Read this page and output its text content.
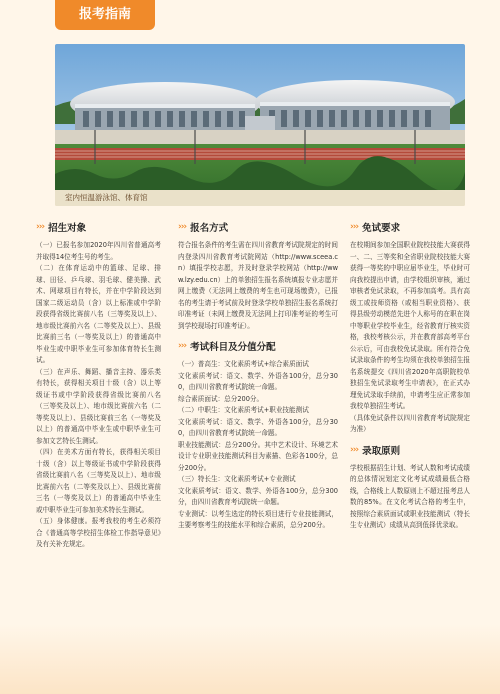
报考指南
室内恒温游泳馆、体育馆
››› 招生对象

（一）已报名参加2020年四川省普通高考并取得14位考生号的考生。

（二）在体育运动中的篮球、足球、排球、田径、乒乓球、羽毛球、健美操、武术、网球项目有特长，并在中学阶段达到国家二级运动员（含）以上标准或中学阶段获得省级比赛前八名（三等奖及以上）、地市级比赛前六名（二等奖及以上）、县级比赛前三名（一等奖及以上）的普通高中毕业生或中职毕业生可参加体育特长生测试。

（三）在声乐、舞蹈、播音主持、器乐类有特长，获得相关项目十级（含）以上等级证书或中学阶段获得省级比赛前八名（三等奖及以上）、地市级比赛前六名（二等奖及以上）、县级比赛前三名（一等奖及以上）的普通高中毕业生或中职毕业生可参加文艺特长生测试。

（四）在美术方面有特长，获得相关项目十级（含）以上等级证书或中学阶段获得省级比赛前八名（三等奖及以上）、地市级比赛前六名（二等奖及以上）、县级比赛前三名（一等奖及以上）的普通高中毕业生或中职毕业生可参加美术特长生测试。

（五）身体健康。报考我校的考生必须符合《普通高等学校招生体检工作指导意见》及有关补充规定。

››› 报名方式

符合报名条件的考生需在四川省教育考试院规定的时间内登录四川省教育考试院网站（http://www.sceea.cn）填报学校志愿，并及时登录学校网站（http://www.lzy.edu.cn）上的单独招生报名系统填报专业志愿并网上缴费（无法网上缴费的考生也可现场缴费），已报名的考生请于考试前及时登录学校单独招生报名系统打印准考证（未网上缴费及无法网上打印准考证的考生可到学校现场打印准考证）。

››› 考试科目及分值分配

（一）普高生：文化素质考试+综合素质面试

文化素质考试：语文、数学、外语各100分，总分300，由四川省教育考试院统一命题。

综合素质面试：总分200分。

（二）中职生：文化素质考试+职业技能测试

文化素质考试：语文、数学、外语各100分，总分300，由四川省教育考试院统一命题。

职业技能测试：总分200分。其中艺术设计、环境艺术设计专业职业技能测试科目为素描、色彩各100分，总分200分。

（三）特长生：文化素质考试+专业测试

文化素质考试：语文、数学、外语各100分，总分300分，由四川省教育考试院统一命题。

专业测试：以考生选定的特长项目进行专业技能测试，主要考察考生的技能水平和综合素质，总分200分。

››› 免试要求

在校期间参加全国职业院校技能大赛获得一、二、三等奖和全省职业院校技能大赛获得一等奖的中职应届毕业生，毕业时可向我校提出申请，由学校组织审核，通过审核者免试录取，不再参加高考。具有高级工或技师资格（或相当职业资格）、获得县级劳动模范先进个人称号的在职在岗中等职业学校毕业生，经省教育厅核实资格，我校考核公示，并在教育部高考平台公示后，可由我校免试录取。所有符合免试录取条件的考生均须在我校单独招生报名系统提交《四川省2020年高职院校单独招生免试录取考生申请表》，在正式办理免试录取手续前，申请考生应正常参加我校单独招生考试。

（具体免试条件以四川省教育考试院规定为准）

››› 录取原则

学校根据招生计划、考试人数和考试成绩的总体情况划定文化考试成绩最低合格线，合格线上人数原则上不超过报考总人数的85%。在文化考试合格的考生中，按照综合素质面试或职业技能测试（特长生专业测试）成绩从高到低择优录取。
